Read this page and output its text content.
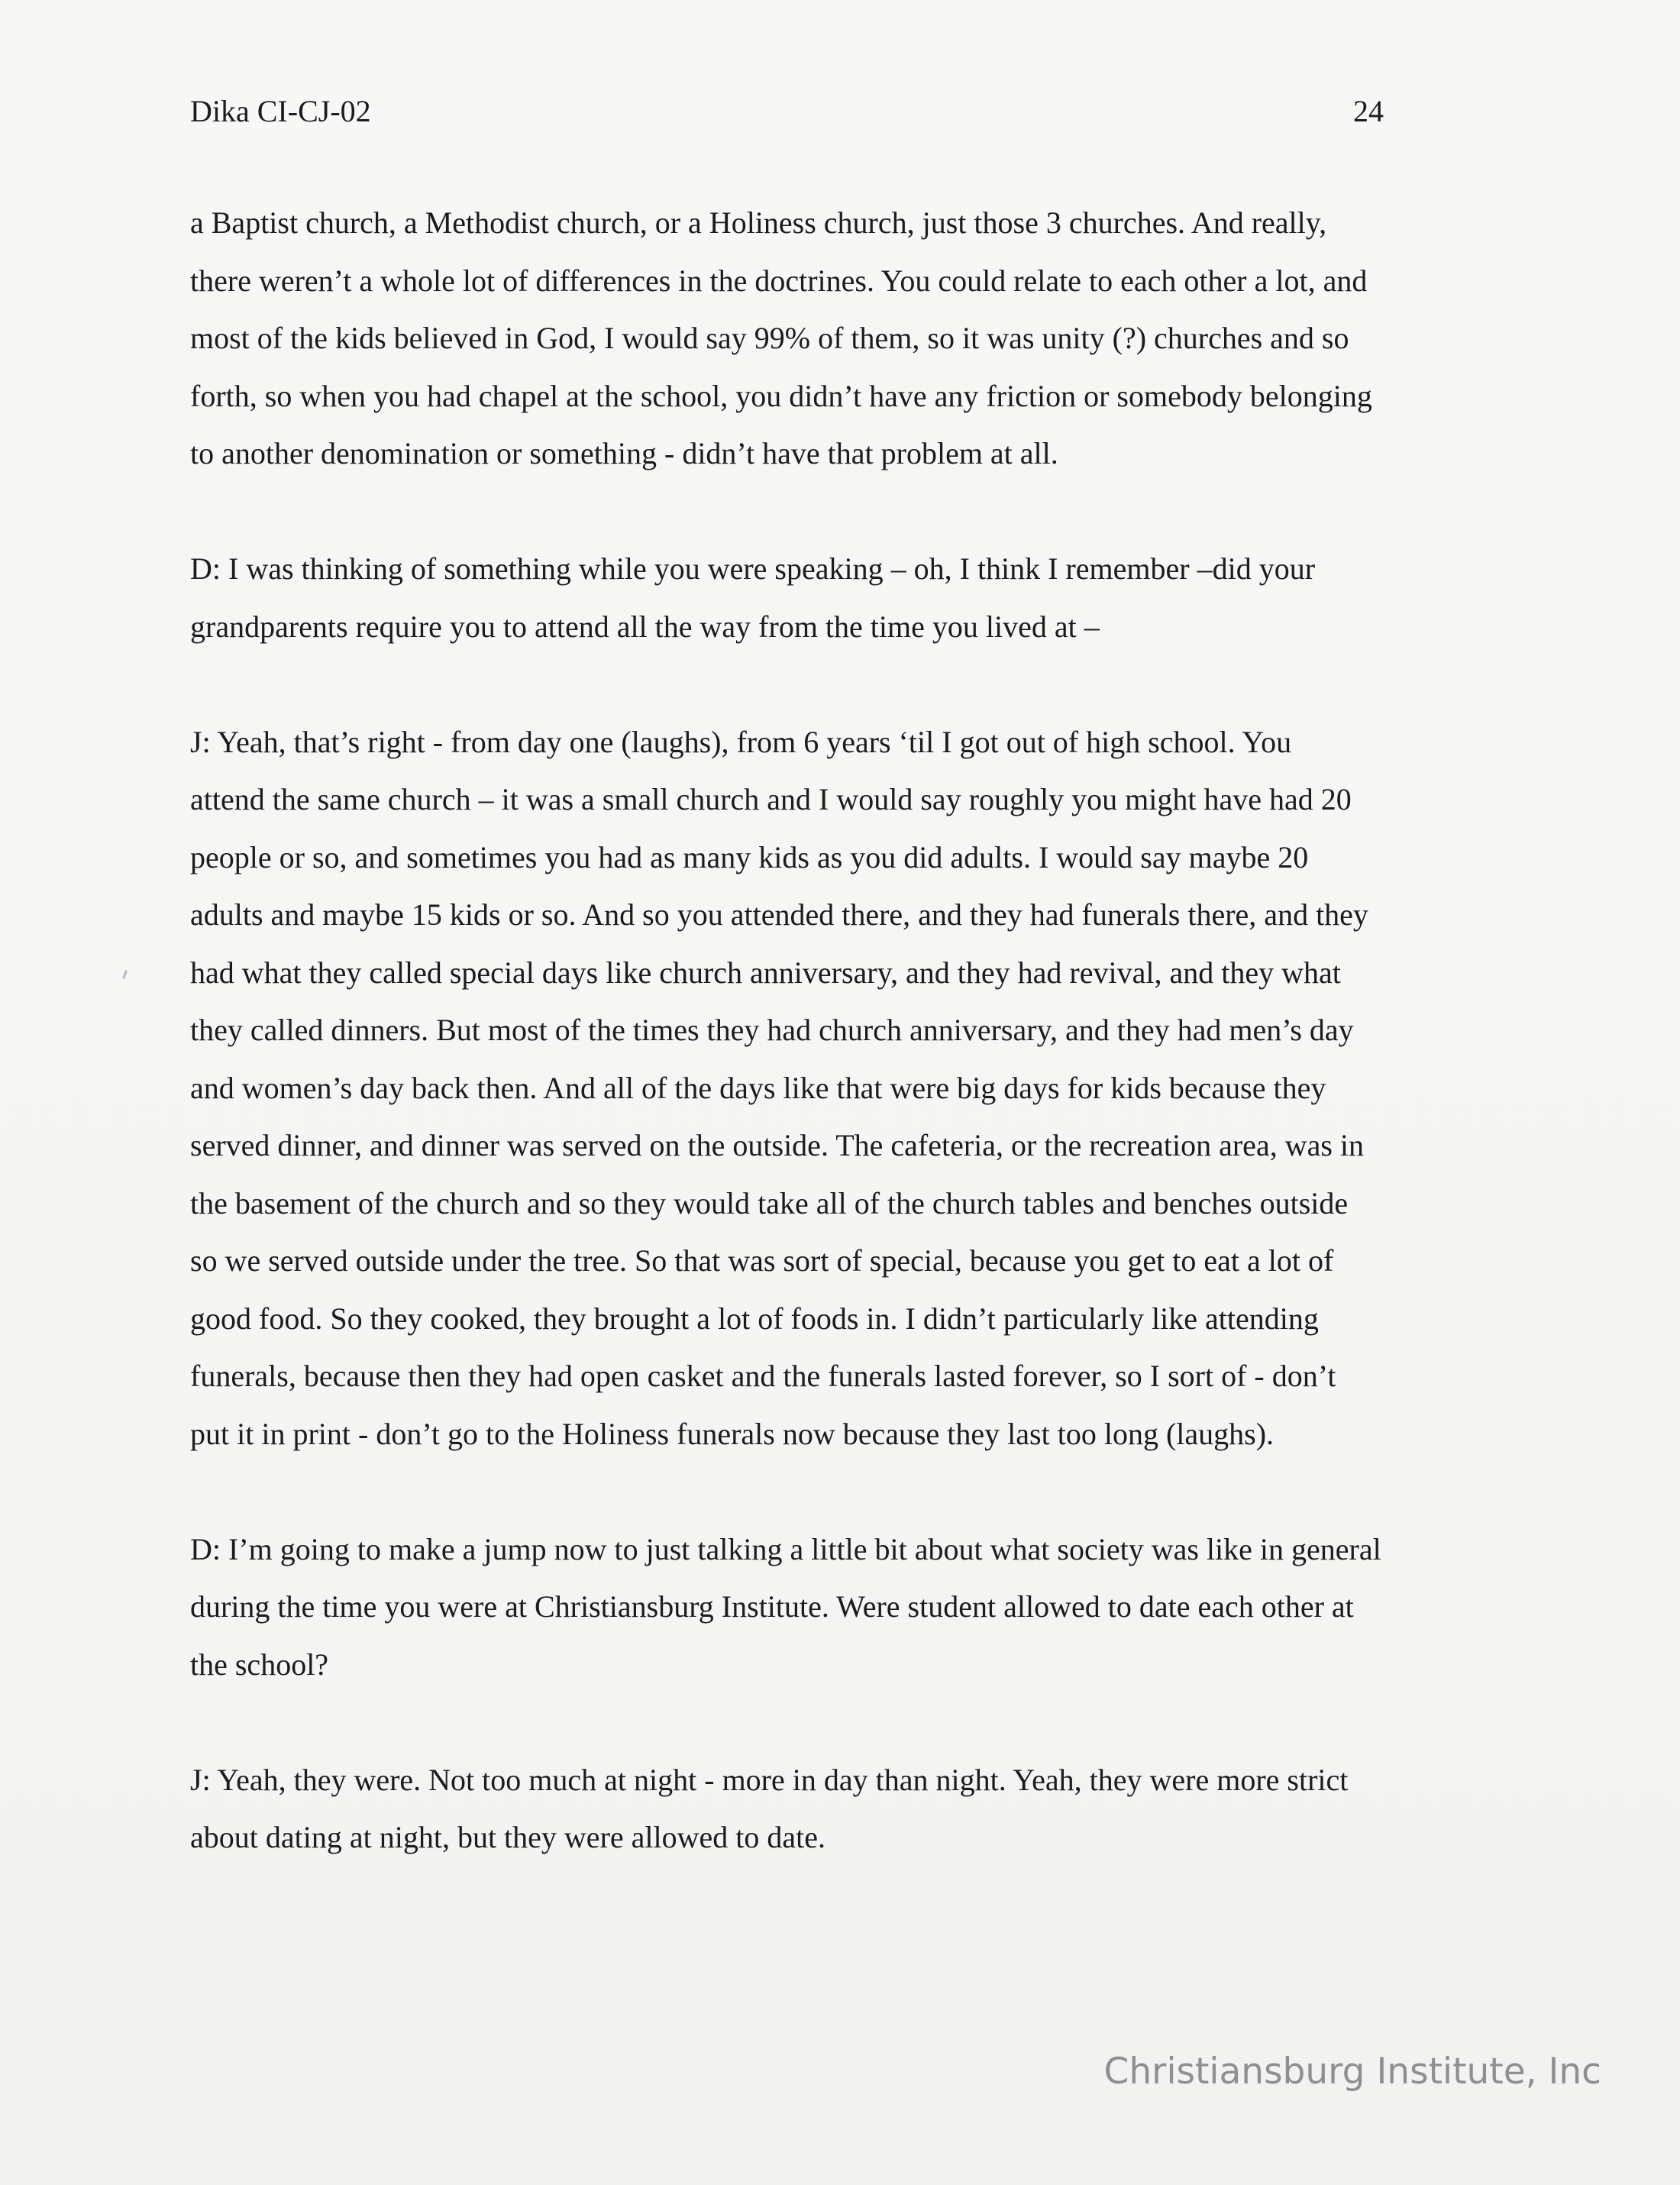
Dika CI-CJ-02	24
a Baptist church, a Methodist church, or a Holiness church, just those 3 churches. And really,
there weren’t a whole lot of differences in the doctrines. You could relate to each other a lot, and
most of the kids believed in God, I would say 99% of them, so it was unity (?) churches and so
forth, so when you had chapel at the school, you didn’t have any friction or somebody belonging
to another denomination or something - didn’t have that problem at all.
D: I was thinking of something while you were speaking – oh, I think I remember –did your
grandparents require you to attend all the way from the time you lived at –
J: Yeah, that’s right - from day one (laughs), from 6 years ‘til I got out of high school. You
attend the same church – it was a small church and I would say roughly you might have had 20
people or so, and sometimes you had as many kids as you did adults. I would say maybe 20
adults and maybe 15 kids or so. And so you attended there, and they had funerals there, and they
had what they called special days like church anniversary, and they had revival, and they what
they called dinners. But most of the times they had church anniversary, and they had men’s day
and women’s day back then. And all of the days like that were big days for kids because they
served dinner, and dinner was served on the outside. The cafeteria, or the recreation area, was in
the basement of the church and so they would take all of the church tables and benches outside
so we served outside under the tree. So that was sort of special, because you get to eat a lot of
good food. So they cooked, they brought a lot of foods in. I didn’t particularly like attending
funerals, because then they had open casket and the funerals lasted forever, so I sort of - don’t
put it in print - don’t go to the Holiness funerals now because they last too long (laughs).
D: I’m going to make a jump now to just talking a little bit about what society was like in general
during the time you were at Christiansburg Institute. Were student allowed to date each other at
the school?
J: Yeah, they were. Not too much at night - more in day than night. Yeah, they were more strict
about dating at night, but they were allowed to date.
Christiansburg Institute, Inc
